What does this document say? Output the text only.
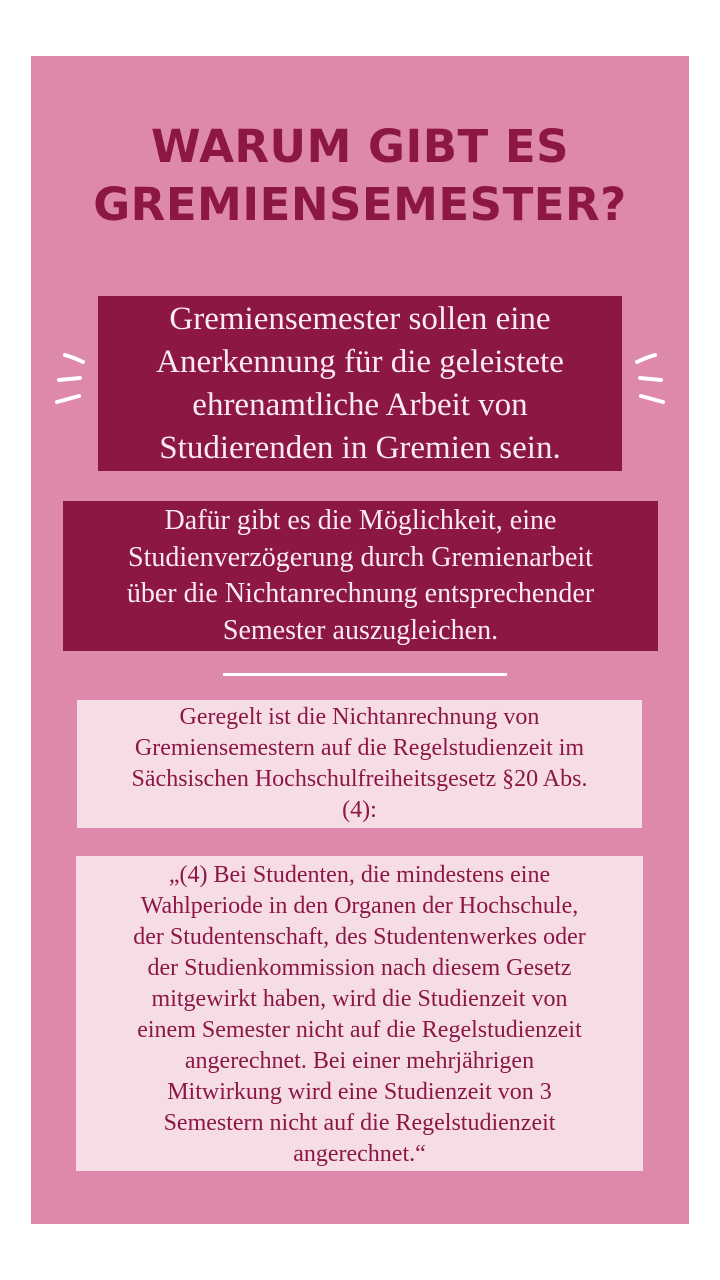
WARUM GIBT ES
GREMIENSEMESTER?
Gremiensemester sollen eine
Anerkennung für die geleistete
ehrenamtliche Arbeit von
Studierenden in Gremien sein.
Dafür gibt es die Möglichkeit, eine
Studienverzögerung durch Gremienarbeit
über die Nichtanrechnung entsprechender
Semester auszugleichen.
Geregelt ist die Nichtanrechnung von
Gremiensemestern auf die Regelstudienzeit im
Sächsischen Hochschulfreiheitsgesetz §20 Abs.
(4):
„(4) Bei Studenten, die mindestens eine
Wahlperiode in den Organen der Hochschule,
der Studentenschaft, des Studentenwerkes oder
der Studienkommission nach diesem Gesetz
mitgewirkt haben, wird die Studienzeit von
einem Semester nicht auf die Regelstudienzeit
angerechnet. Bei einer mehrjährigen
Mitwirkung wird eine Studienzeit von 3
Semestern nicht auf die Regelstudienzeit
angerechnet.“
